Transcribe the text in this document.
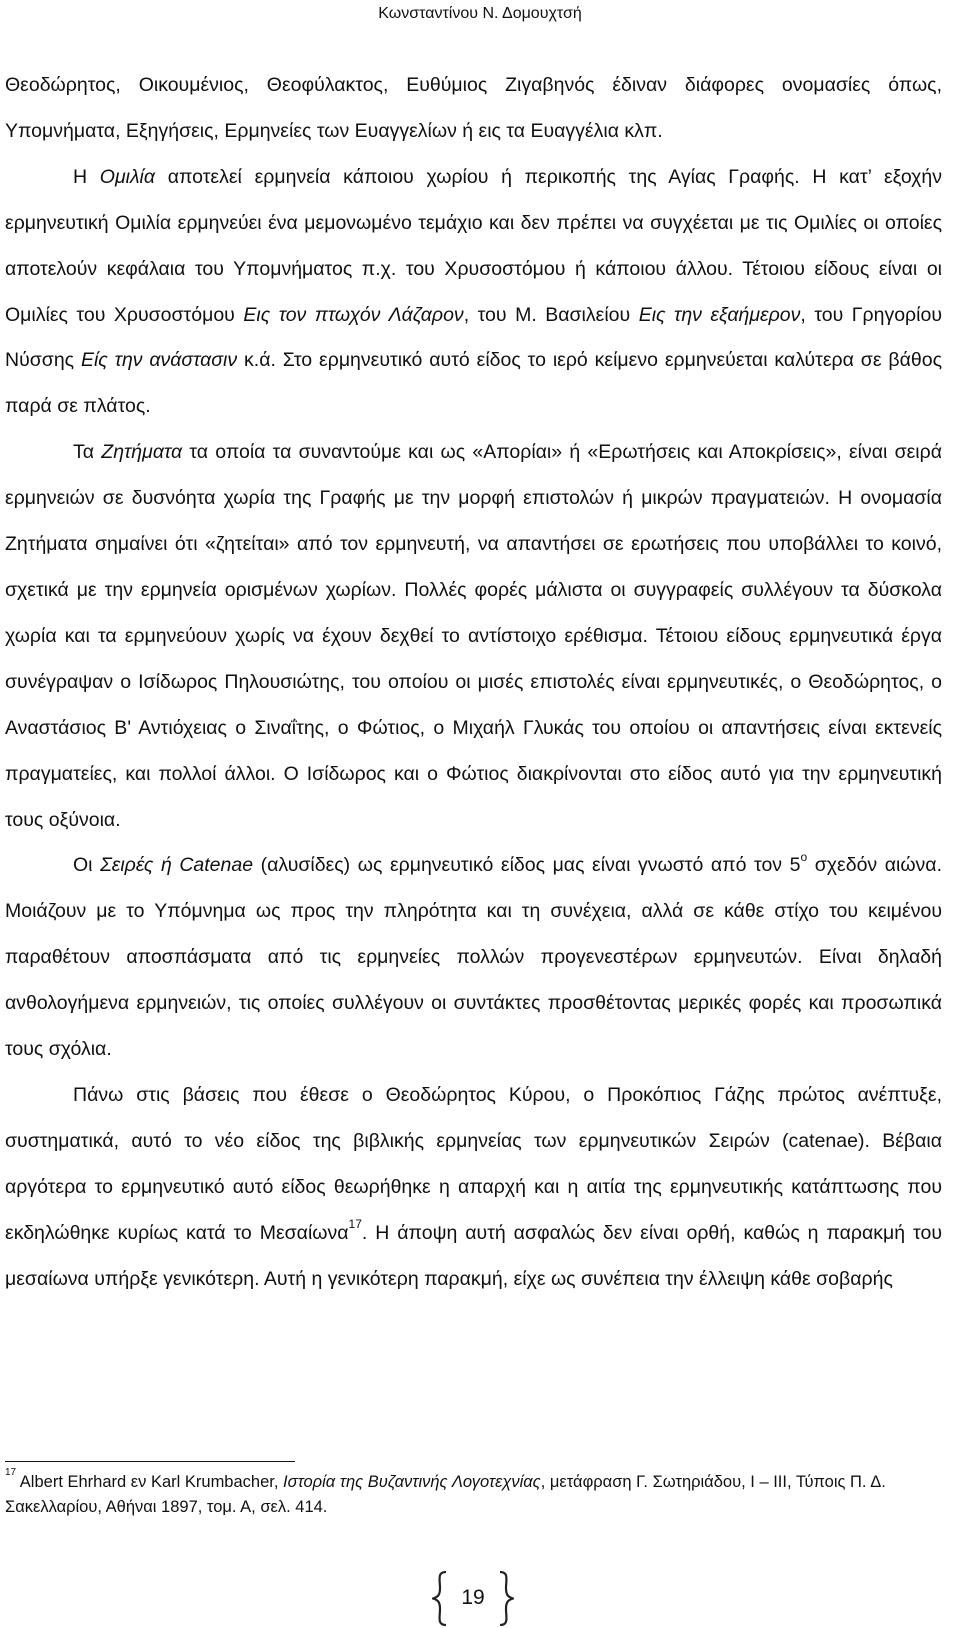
Κωνσταντίνου Ν. Δομουχτσή

Θεοδώρητος, Οικουμένιος, Θεοφύλακτος, Ευθύμιος Ζιγαβηνός έδιναν διάφορες ονομασίες όπως, Υπομνήματα, Εξηγήσεις, Ερμηνείες των Ευαγγελίων ή εις τα Ευαγγέλια κλπ.

Η Ομιλία αποτελεί ερμηνεία κάποιου χωρίου ή περικοπής της Αγίας Γραφής. Η κατ’ εξοχήν ερμηνευτική Ομιλία ερμηνεύει ένα μεμονωμένο τεμάχιο και δεν πρέπει να συγχέεται με τις Ομιλίες οι οποίες αποτελούν κεφάλαια του Υπομνήματος π.χ. του Χρυσοστόμου ή κάποιου άλλου. Τέτοιου είδους είναι οι Ομιλίες του Χρυσοστόμου Εις τον πτωχόν Λάζαρον, του Μ. Βασιλείου Εις την εξαήμερον, του Γρηγορίου Νύσσης Είς την ανάστασιν κ.ά. Στο ερμηνευτικό αυτό είδος το ιερό κείμενο ερμηνεύεται καλύτερα σε βάθος παρά σε πλάτος.

Τα Ζητήματα τα οποία τα συναντούμε και ως «Απορίαι» ή «Ερωτήσεις και Αποκρίσεις», είναι σειρά ερμηνειών σε δυσνόητα χωρία της Γραφής με την μορφή επιστολών ή μικρών πραγματειών. Η ονομασία Ζητήματα σημαίνει ότι «ζητείται» από τον ερμηνευτή, να απαντήσει σε ερωτήσεις που υποβάλλει το κοινό, σχετικά με την ερμηνεία ορισμένων χωρίων. Πολλές φορές μάλιστα οι συγγραφείς συλλέγουν τα δύσκολα χωρία και τα ερμηνεύουν χωρίς να έχουν δεχθεί το αντίστοιχο ερέθισμα. Τέτοιου είδους ερμηνευτικά έργα συνέγραψαν ο Ισίδωρος Πηλουσιώτης, του οποίου οι μισές επιστολές είναι ερμηνευτικές, ο Θεοδώρητος, ο Αναστάσιος Β' Αντιόχειας ο Σιναΐτης, ο Φώτιος, ο Μιχαήλ Γλυκάς του οποίου οι απαντήσεις είναι εκτενείς πραγματείες, και πολλοί άλλοι. Ο Ισίδωρος και ο Φώτιος διακρίνονται στο είδος αυτό για την ερμηνευτική τους οξύνοια.

Οι Σειρές ή Catenae (αλυσίδες) ως ερμηνευτικό είδος μας είναι γνωστό από τον $5^o$ σχεδόν αιώνα. Μοιάζουν με το Υπόμνημα ως προς την πληρότητα και τη συνέχεια, αλλά σε κάθε στίχο του κειμένου παραθέτουν αποσπάσματα από τις ερμηνείες πολλών προγενεστέρων ερμηνευτών. Είναι δηλαδή ανθολογήμενα ερμηνειών, τις οποίες συλλέγουν οι συντάκτες προσθέτοντας μερικές φορές και προσωπικά τους σχόλια.

Πάνω στις βάσεις που έθεσε ο Θεοδώρητος Κύρου, ο Προκόπιος Γάζης πρώτος ανέπτυξε, συστηματικά, αυτό το νέο είδος της βιβλικής ερμηνείας των ερμηνευτικών Σειρών (catenae). Βέβαια αργότερα το ερμηνευτικό αυτό είδος θεωρήθηκε η απαρχή και η αιτία της ερμηνευτικής κατάπτωσης που εκδηλώθηκε κυρίως κατά το Μεσαίωνα$^{17}$. Η άποψη αυτή ασφαλώς δεν είναι ορθή, καθώς η παρακμή του μεσαίωνα υπήρξε γενικότερη. Αυτή η γενικότερη παρακμή, είχε ως συνέπεια την έλλειψη κάθε σοβαρής

$^{17}$ Albert Ehrhard εν Karl Krumbacher, Ιστορία της Βυζαντινής Λογοτεχνίας, μετάφραση Γ. Σωτηριάδου, Ι – ΙΙΙ, Τύποις Π. Δ. Σακελλαρίου, Αθήναι 1897, τομ. Α, σελ. 414.
19
